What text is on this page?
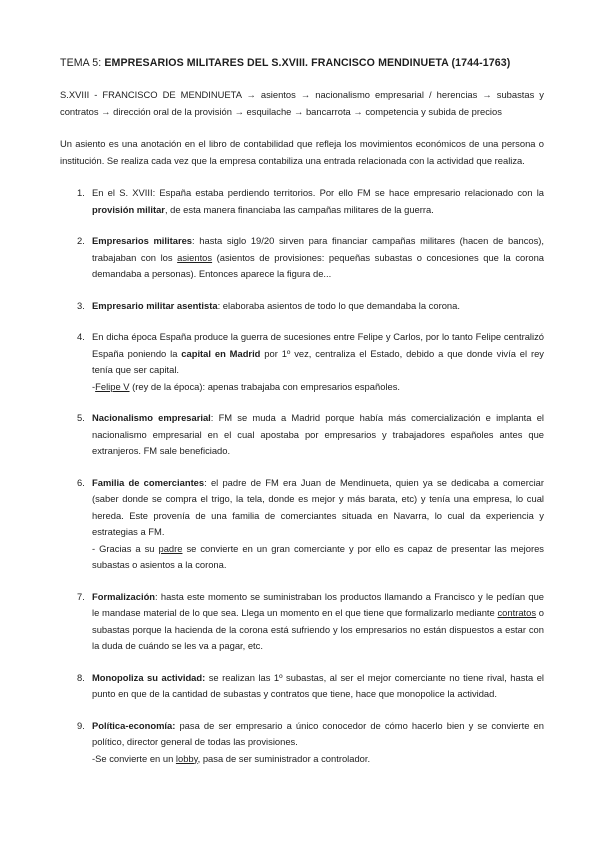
TEMA 5: EMPRESARIOS MILITARES DEL S.XVIII. FRANCISCO MENDINUETA (1744-1763)

S.XVIII - FRANCISCO DE MENDINUETA → asientos → nacionalismo empresarial / herencias → subastas y contratos → dirección oral de la provisión → esquilache → bancarrota → competencia y subida de precios

Un asiento es una anotación en el libro de contabilidad que refleja los movimientos económicos de una persona o institución. Se realiza cada vez que la empresa contabiliza una entrada relacionada con la actividad que realiza.

1. En el S. XVIII: España estaba perdiendo territorios. Por ello FM se hace empresario relacionado con la provisión militar, de esta manera financiaba las campañas militares de la guerra.
2. Empresarios militares: hasta siglo 19/20 sirven para financiar campañas militares (hacen de bancos), trabajaban con los asientos (asientos de provisiones: pequeñas subastas o concesiones que la corona demandaba a personas). Entonces aparece la figura de...
3. Empresario militar asentista: elaboraba asientos de todo lo que demandaba la corona.
4. En dicha época España produce la guerra de sucesiones entre Felipe y Carlos, por lo tanto Felipe centralizó España poniendo la capital en Madrid por 1º vez, centraliza el Estado, debido a que donde vivía el rey tenía que ser capital.
-Felipe V (rey de la época): apenas trabajaba con empresarios españoles.
5. Nacionalismo empresarial: FM se muda a Madrid porque había más comercialización e implanta el nacionalismo empresarial en el cual apostaba por empresarios y trabajadores españoles antes que extranjeros. FM sale beneficiado.
6. Familia de comerciantes: el padre de FM era Juan de Mendinueta, quien ya se dedicaba a comerciar (saber donde se compra el trigo, la tela, donde es mejor y más barata, etc) y tenía una empresa, lo cual hereda. Este provenía de una familia de comerciantes situada en Navarra, lo cual da experiencia y estrategias a FM.
- Gracias a su padre se convierte en un gran comerciante y por ello es capaz de presentar las mejores subastas o asientos a la corona.
7. Formalización: hasta este momento se suministraban los productos llamando a Francisco y le pedían que le mandase material de lo que sea. Llega un momento en el que tiene que formalizarlo mediante contratos o subastas porque la hacienda de la corona está sufriendo y los empresarios no están dispuestos a estar con la duda de cuándo se les va a pagar, etc.
8. Monopoliza su actividad: se realizan las 1º subastas, al ser el mejor comerciante no tiene rival, hasta el punto en que de la cantidad de subastas y contratos que tiene, hace que monopolice la actividad.
9. Política-economía: pasa de ser empresario a único conocedor de cómo hacerlo bien y se convierte en político, director general de todas las provisiones.
-Se convierte en un lobby, pasa de ser suministrador a controlador.
